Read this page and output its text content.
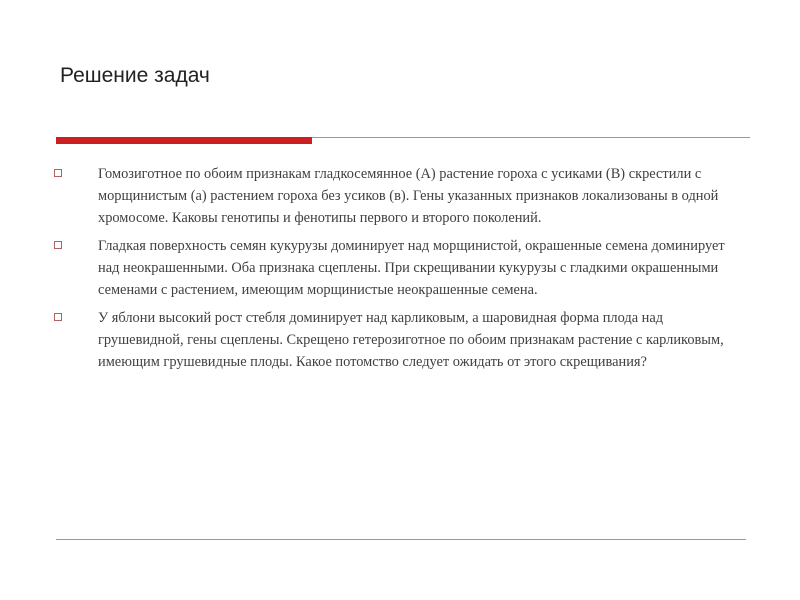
Решение задач
Гомозиготное по обоим признакам гладкосемянное (А) растение гороха с усиками (В) скрестили с морщинистым (а) растением гороха без усиков (в). Гены указанных признаков локализованы в одной хромосоме. Каковы генотипы и фенотипы первого и второго поколений.
Гладкая поверхность семян кукурузы доминирует над морщинистой, окрашенные семена доминирует над неокрашенными. Оба признака сцеплены. При скрещивании кукурузы с гладкими окрашенными семенами с растением, имеющим морщинистые неокрашенные семена.
У яблони высокий рост стебля доминирует над карликовым, а шаровидная форма плода над грушевидной, гены сцеплены. Скрещено гетерозиготное по обоим признакам растение с карликовым, имеющим грушевидные плоды. Какое потомство следует ожидать от этого скрещивания?
